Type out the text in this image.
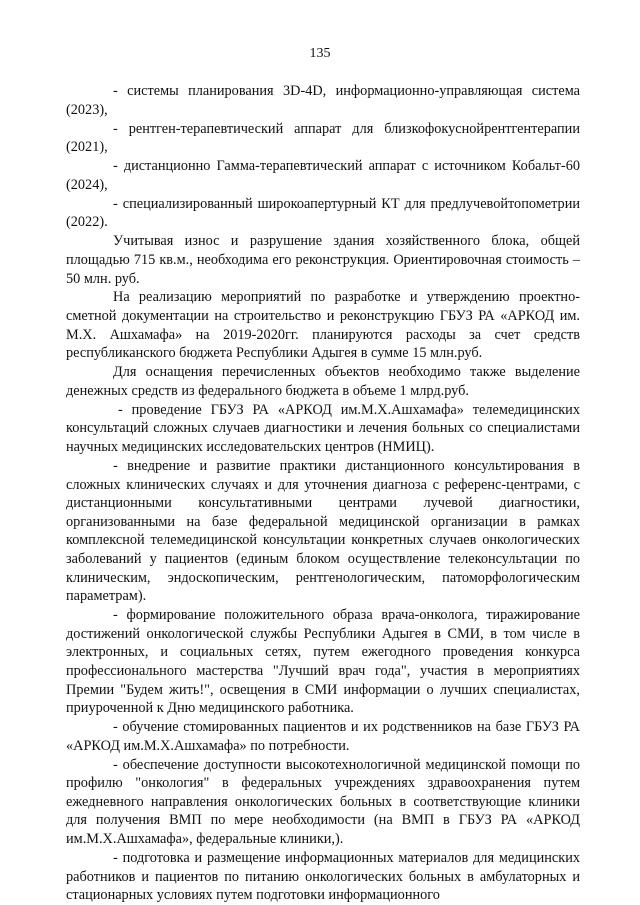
135

- системы планирования 3D-4D, информационно-управляющая система (2023),

- рентген-терапевтический аппарат для близкофокуснойрентгентерапии (2021),

- дистанционно Гамма-терапевтический аппарат с источником Кобальт-60 (2024),

- специализированный широкоапертурный КТ для предлучевойтопометрии (2022).

Учитывая износ и разрушение здания хозяйственного блока, общей площадью 715 кв.м., необходима его реконструкция. Ориентировочная стоимость – 50 млн. руб.

На реализацию мероприятий по разработке и утверждению проектно-сметной документации на строительство и реконструкцию ГБУЗ РА «АРКОД им. М.Х. Ашхамафа» на 2019-2020гг. планируются расходы за счет средств республиканского бюджета Республики Адыгея в сумме 15 млн.руб.

Для оснащения перечисленных объектов необходимо также выделение денежных средств из федерального бюджета в объеме 1 млрд.руб.

- проведение ГБУЗ РА «АРКОД им.М.Х.Ашхамафа» телемедицинских консультаций сложных случаев диагностики и лечения больных со специалистами научных медицинских исследовательских центров (НМИЦ).

- внедрение и развитие практики дистанционного консультирования в сложных клинических случаях и для уточнения диагноза с референс-центрами, с дистанционными консультативными центрами лучевой диагностики, организованными на базе федеральной медицинской организации в рамках комплексной телемедицинской консультации конкретных случаев онкологических заболеваний у пациентов (единым блоком осуществление телеконсультации по клиническим, эндоскопическим, рентгенологическим, патоморфологическим параметрам).

- формирование положительного образа врача-онколога, тиражирование достижений онкологической службы Республики Адыгея в СМИ, в том числе в электронных, и социальных сетях, путем ежегодного проведения конкурса профессионального мастерства "Лучший врач года", участия в мероприятиях Премии "Будем жить!", освещения в СМИ информации о лучших специалистах, приуроченной к Дню медицинского работника.

- обучение стомированных пациентов и их родственников на базе ГБУЗ РА «АРКОД им.М.Х.Ашхамафа» по потребности.

- обеспечение доступности высокотехнологичной медицинской помощи по профилю "онкология" в федеральных учреждениях здравоохранения путем ежедневного направления онкологических больных в соответствующие клиники для получения ВМП по мере необходимости (на ВМП в ГБУЗ РА «АРКОД им.М.Х.Ашхамафа», федеральные клиники,).

- подготовка и размещение информационных материалов для медицинских работников и пациентов по питанию онкологических больных в амбулаторных и стационарных условиях путем подготовки информационного
